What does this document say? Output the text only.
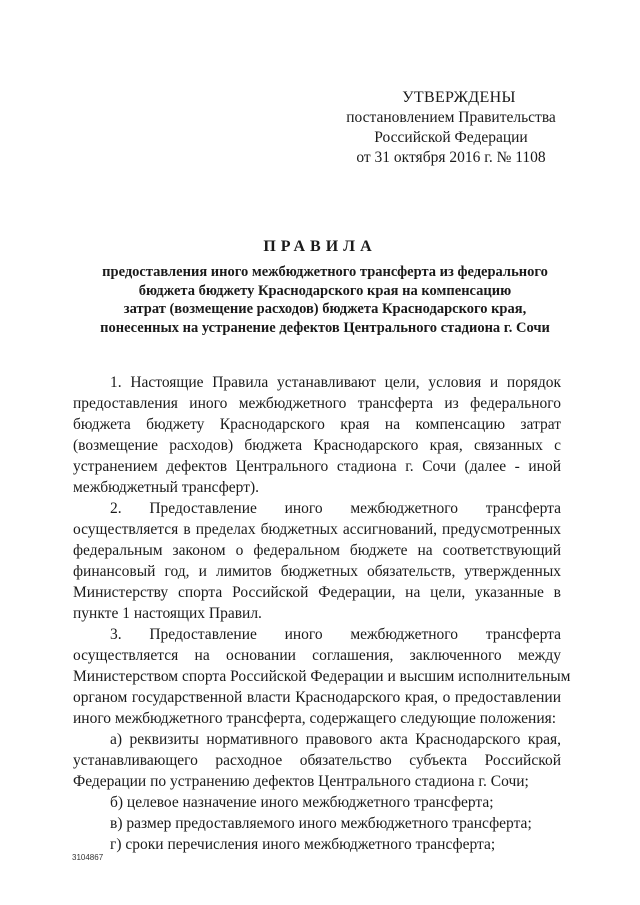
УТВЕРЖДЕНЫ
постановлением Правительства
Российской Федерации
от 31 октября 2016 г. № 1108
ПРАВИЛА
предоставления иного межбюджетного трансферта из федерального
бюджета бюджету Краснодарского края на компенсацию
затрат (возмещение расходов) бюджета Краснодарского края,
понесенных на устранение дефектов Центрального стадиона г. Сочи
1. Настоящие Правила устанавливают цели, условия и порядок
предоставления иного межбюджетного трансферта из федерального
бюджета бюджету Краснодарского края на компенсацию затрат
(возмещение расходов) бюджета Краснодарского края, связанных с
устранением дефектов Центрального стадиона г. Сочи (далее - иной
межбюджетный трансферт).
2. Предоставление иного межбюджетного трансферта
осуществляется в пределах бюджетных ассигнований, предусмотренных
федеральным законом о федеральном бюджете на соответствующий
финансовый год, и лимитов бюджетных обязательств, утвержденных
Министерству спорта Российской Федерации, на цели, указанные в
пункте 1 настоящих Правил.
3. Предоставление иного межбюджетного трансферта
осуществляется на основании соглашения, заключенного между
Министерством спорта Российской Федерации и высшим исполнительным
органом государственной власти Краснодарского края, о предоставлении
иного межбюджетного трансферта, содержащего следующие положения:
а) реквизиты нормативного правового акта Краснодарского края,
устанавливающего расходное обязательство субъекта Российской
Федерации по устранению дефектов Центрального стадиона г. Сочи;
б) целевое назначение иного межбюджетного трансферта;
в) размер предоставляемого иного межбюджетного трансферта;
г) сроки перечисления иного межбюджетного трансферта;
3104867
